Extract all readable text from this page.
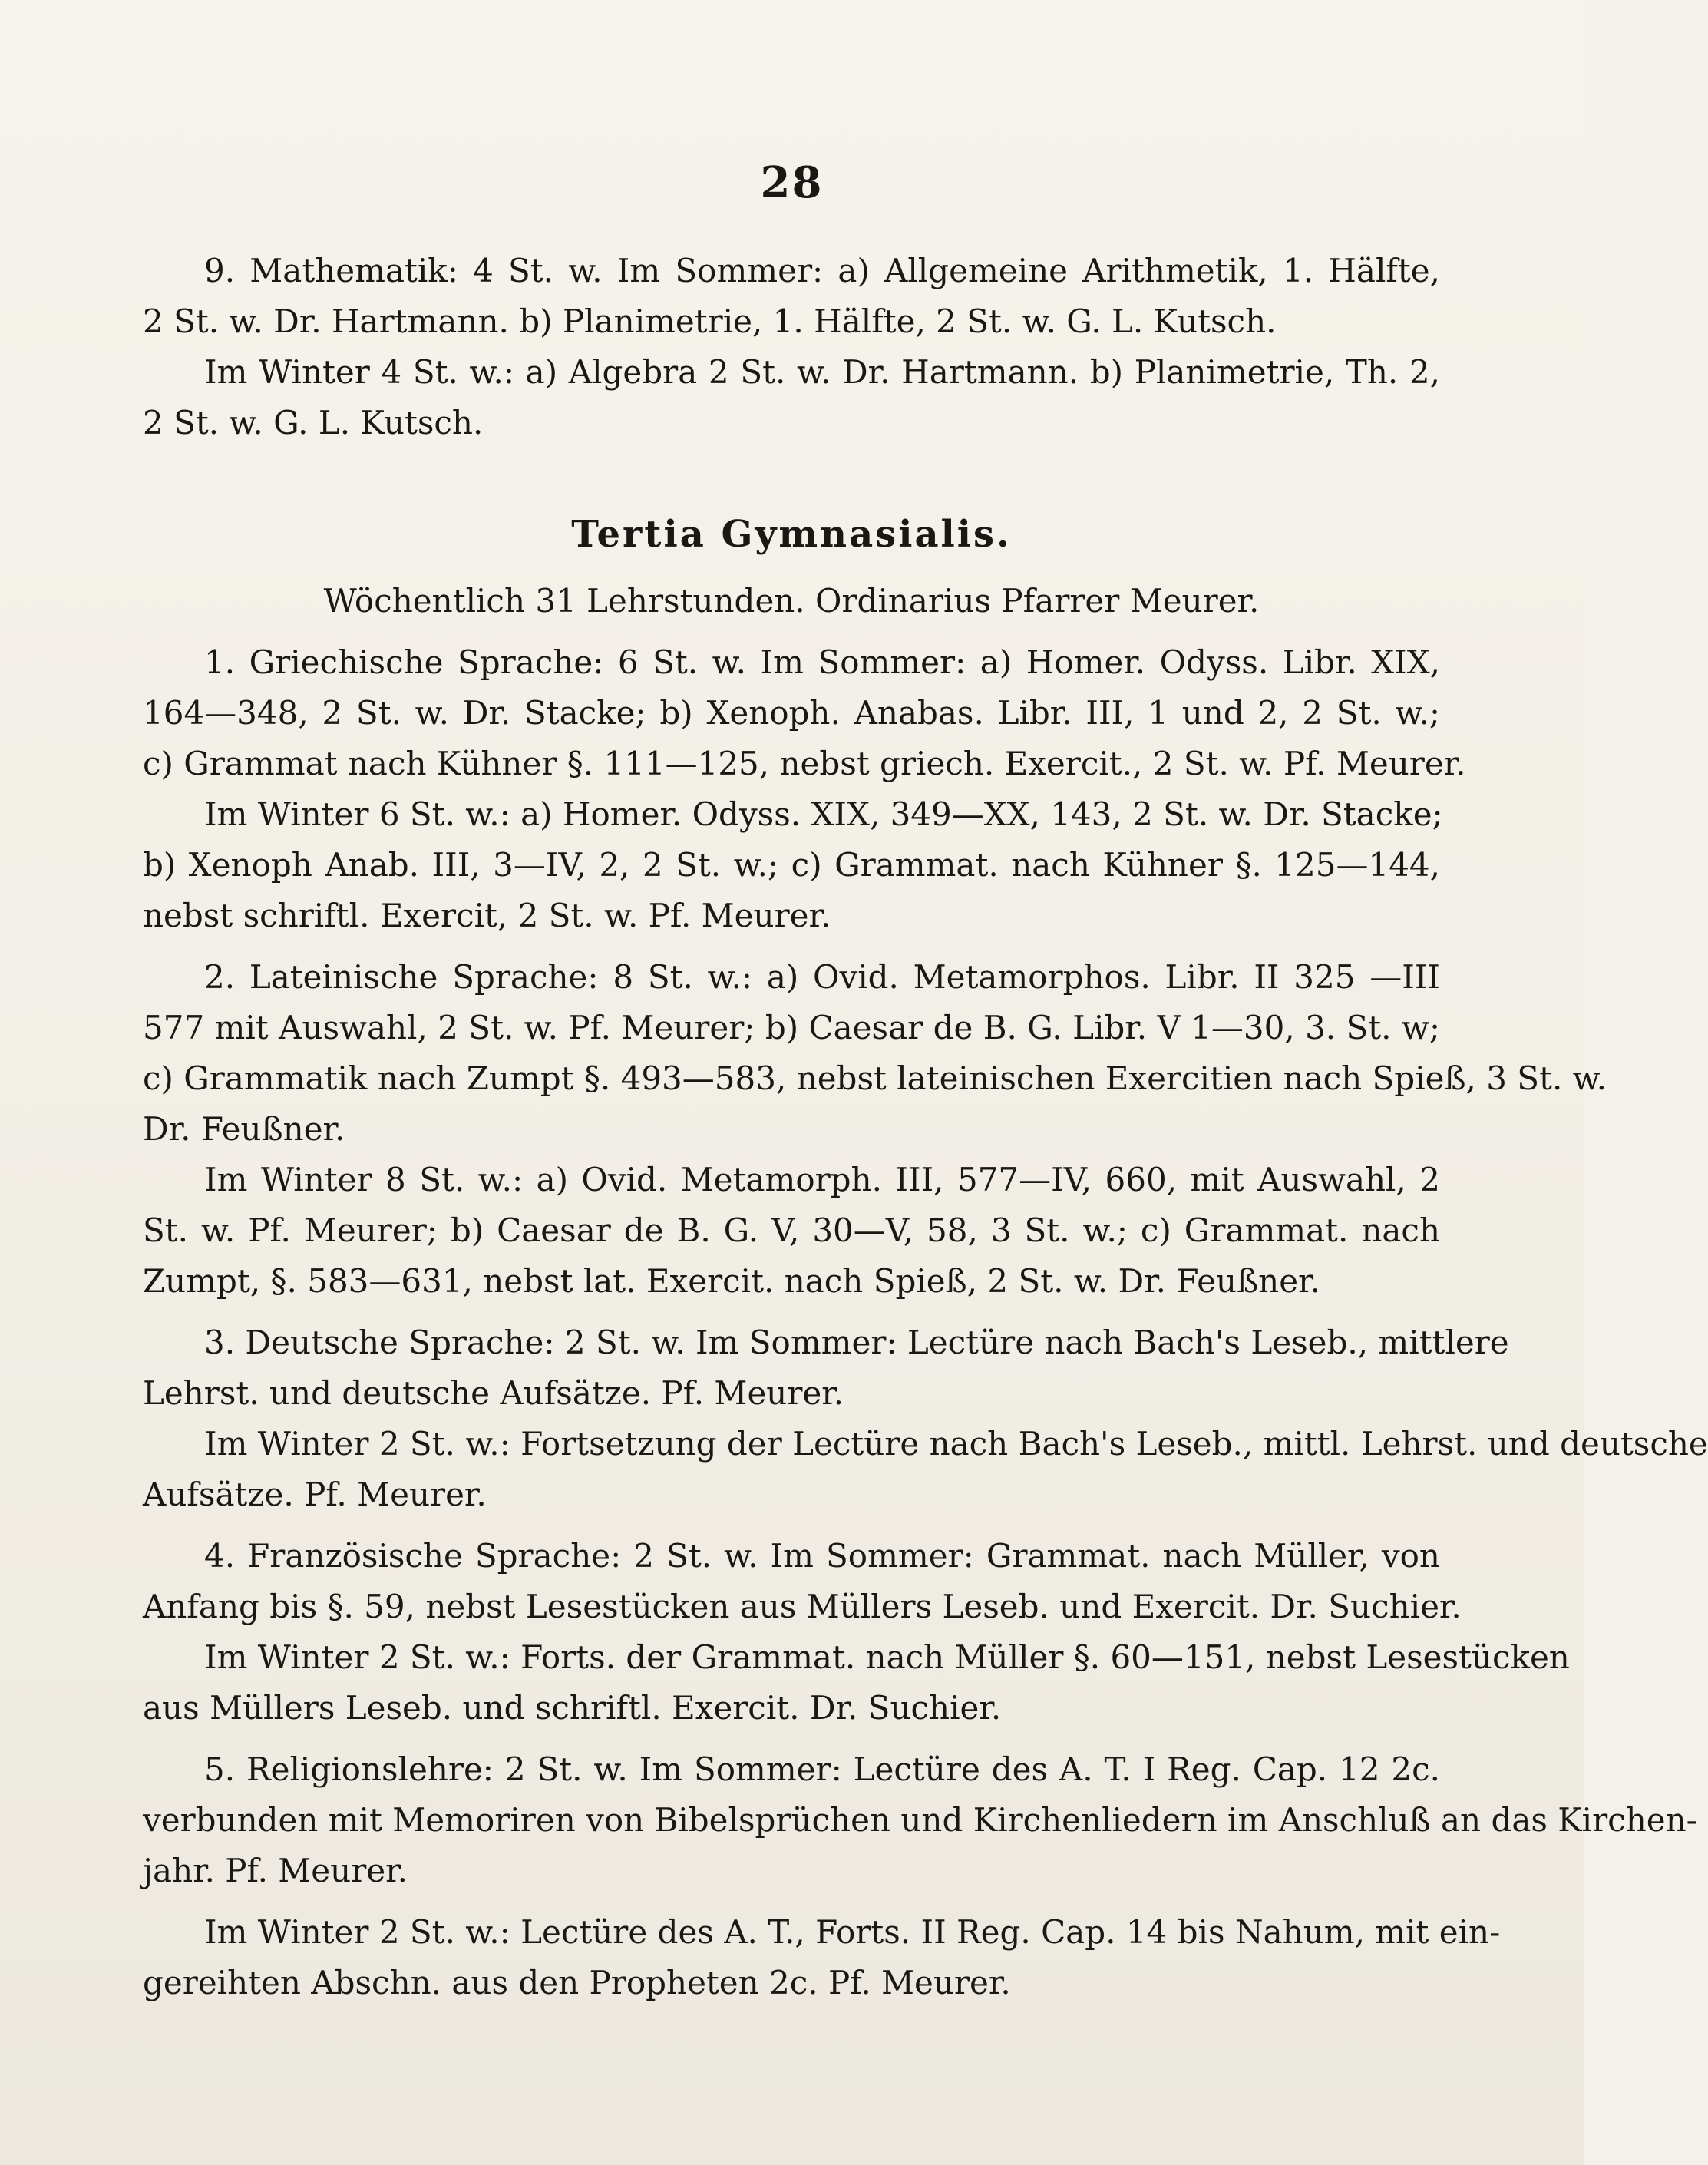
28
9. Mathematik: 4 St. w. Im Sommer: a) Allgemeine Arithmetik, 1. Hälfte,
2 St. w. Dr. Hartmann. b) Planimetrie, 1. Hälfte, 2 St. w. G. L. Kutsch.
Im Winter 4 St. w.: a) Algebra 2 St. w. Dr. Hartmann. b) Planimetrie, Th. 2,
2 St. w. G. L. Kutsch.
Tertia Gymnasialis.
Wöchentlich 31 Lehrstunden. Ordinarius Pfarrer Meurer.
1. Griechische Sprache: 6 St. w. Im Sommer: a) Homer. Odyss. Libr. XIX,
164—348, 2 St. w. Dr. Stacke; b) Xenoph. Anabas. Libr. III, 1 und 2, 2 St. w.;
c) Grammat nach Kühner §. 111—125, nebst griech. Exercit., 2 St. w. Pf. Meurer.
Im Winter 6 St. w.: a) Homer. Odyss. XIX, 349—XX, 143, 2 St. w. Dr. Stacke;
b) Xenoph Anab. III, 3—IV, 2, 2 St. w.; c) Grammat. nach Kühner §. 125—144,
nebst schriftl. Exercit, 2 St. w. Pf. Meurer.
2. Lateinische Sprache: 8 St. w.: a) Ovid. Metamorphos. Libr. II 325 —III
577 mit Auswahl, 2 St. w. Pf. Meurer; b) Caesar de B. G. Libr. V 1—30, 3. St. w;
c) Grammatik nach Zumpt §. 493—583, nebst lateinischen Exercitien nach Spieß, 3 St. w.
Dr. Feußner.
Im Winter 8 St. w.: a) Ovid. Metamorph. III, 577—IV, 660, mit Auswahl, 2
St. w. Pf. Meurer; b) Caesar de B. G. V, 30—V, 58, 3 St. w.; c) Grammat. nach
Zumpt, §. 583—631, nebst lat. Exercit. nach Spieß, 2 St. w. Dr. Feußner.
3. Deutsche Sprache: 2 St. w. Im Sommer: Lectüre nach Bach's Leseb., mittlere
Lehrst. und deutsche Aufsätze. Pf. Meurer.
Im Winter 2 St. w.: Fortsetzung der Lectüre nach Bach's Leseb., mittl. Lehrst. und deutsche
Aufsätze. Pf. Meurer.
4. Französische Sprache: 2 St. w. Im Sommer: Grammat. nach Müller, von
Anfang bis §. 59, nebst Lesestücken aus Müllers Leseb. und Exercit. Dr. Suchier.
Im Winter 2 St. w.: Forts. der Grammat. nach Müller §. 60—151, nebst Lesestücken
aus Müllers Leseb. und schriftl. Exercit. Dr. Suchier.
5. Religionslehre: 2 St. w. Im Sommer: Lectüre des A. T. I Reg. Cap. 12 2c.
verbunden mit Memoriren von Bibelsprüchen und Kirchenliedern im Anschluß an das Kirchen-
jahr. Pf. Meurer.
Im Winter 2 St. w.: Lectüre des A. T., Forts. II Reg. Cap. 14 bis Nahum, mit ein-
gereihten Abschn. aus den Propheten 2c. Pf. Meurer.
